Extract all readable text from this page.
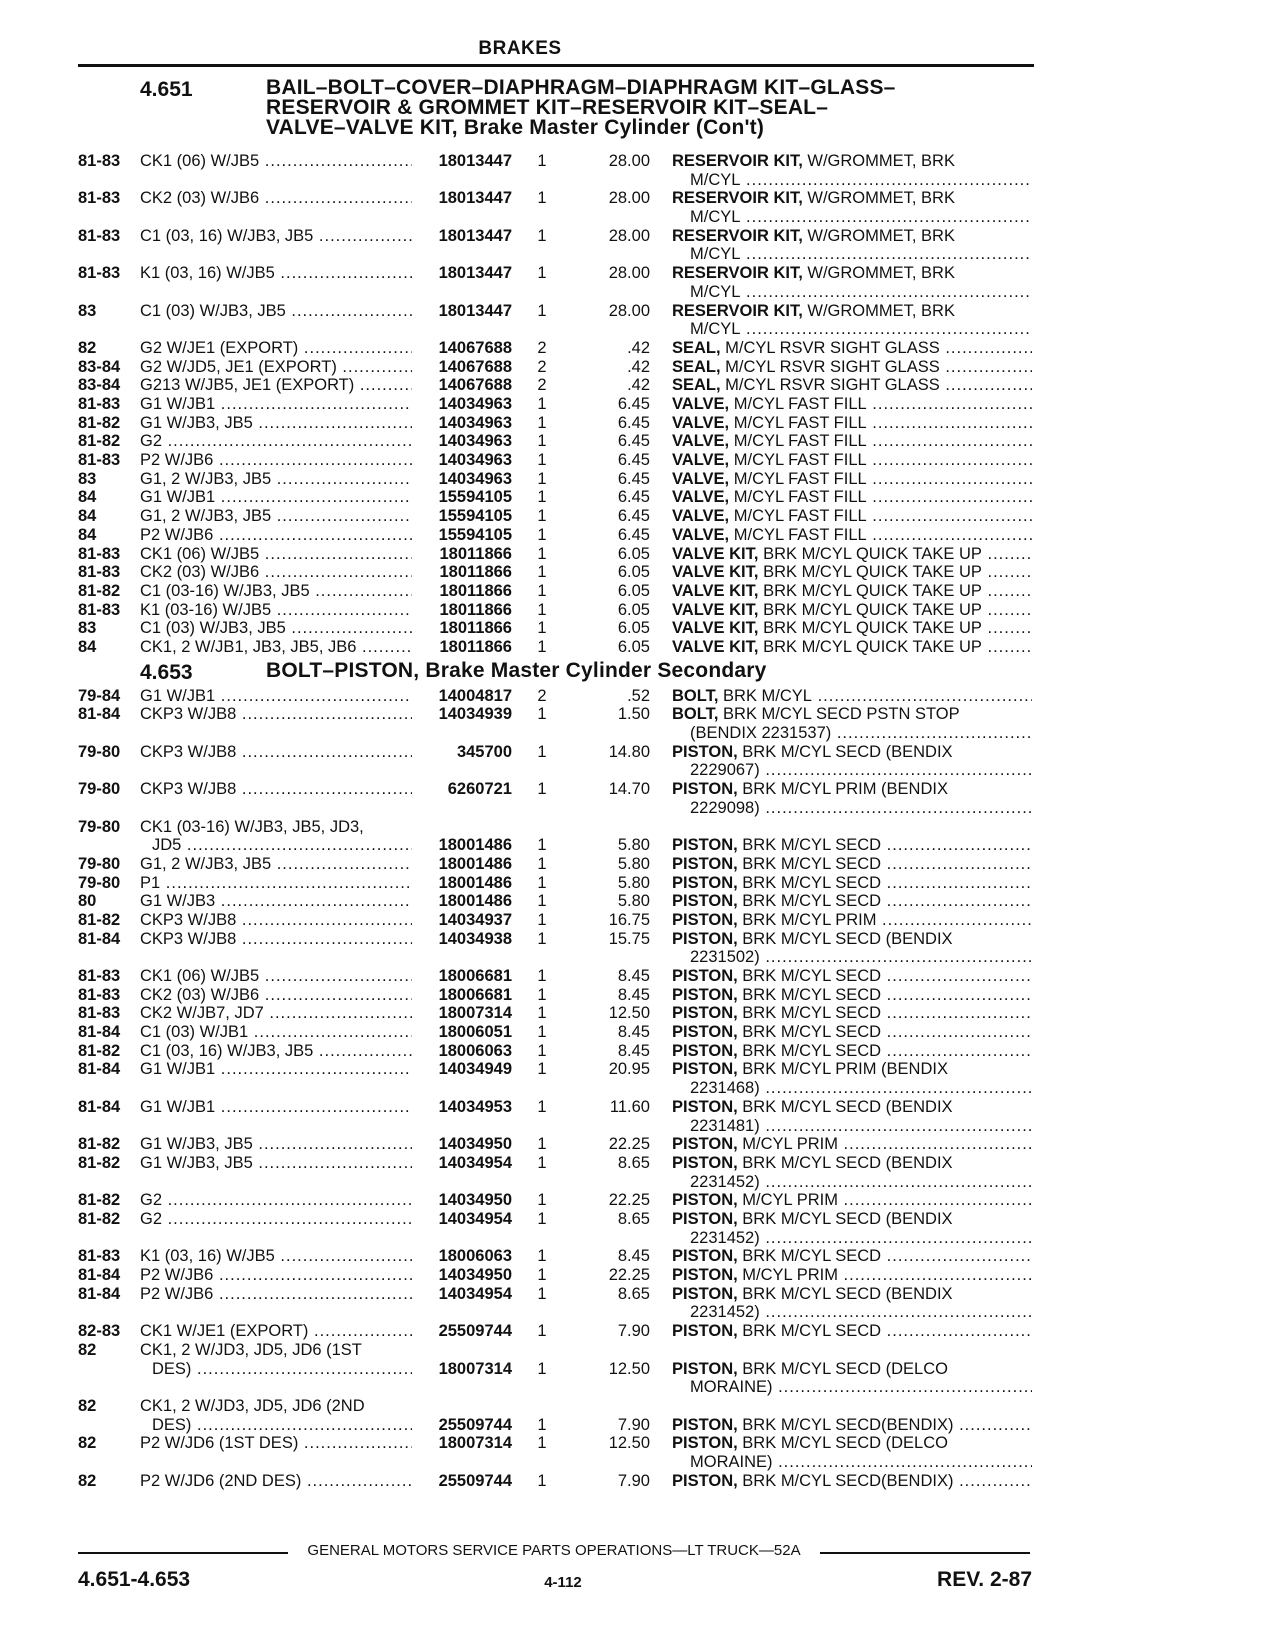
BRAKES
4.651	BAIL–BOLT–COVER–DIAPHRAGM–DIAPHRAGM KIT–GLASS–
RESERVOIR & GROMMET KIT–RESERVOIR KIT–SEAL–
VALVE–VALVE KIT, Brake Master Cylinder (Con't)
81-83 CK1 (06) W/JB5 .....	18013447 1	28.00 RESERVOIR KIT, W/GROMMET, BRK
M/CYL .....
81-83 CK2 (03) W/JB6 .....	18013447 1	28.00 RESERVOIR KIT, W/GROMMET, BRK
M/CYL .....
81-83 C1 (03, 16) W/JB3, JB5 .....	18013447 1	28.00 RESERVOIR KIT, W/GROMMET, BRK
M/CYL .....
81-83 K1 (03, 16) W/JB5 .....	18013447 1	28.00 RESERVOIR KIT, W/GROMMET, BRK
M/CYL .....
83	C1 (03) W/JB3, JB5 .....	18013447 1	28.00 RESERVOIR KIT, W/GROMMET, BRK
M/CYL .....
82	G2 W/JE1 (EXPORT) .....	14067688 2	.42 SEAL, M/CYL RSVR SIGHT GLASS .....
83-84 G2 W/JD5, JE1 (EXPORT) .....	14067688 2	.42 SEAL, M/CYL RSVR SIGHT GLASS .....
83-84 G213 W/JB5, JE1 (EXPORT) .....	14067688 2	.42 SEAL, M/CYL RSVR SIGHT GLASS .....
81-83 G1 W/JB1 .....	14034963 1	6.45 VALVE, M/CYL FAST FILL .....
81-82 G1 W/JB3, JB5 .....	14034963 1	6.45 VALVE, M/CYL FAST FILL .....
81-82 G2 .....	14034963 1	6.45 VALVE, M/CYL FAST FILL .....
81-83 P2 W/JB6 .....	14034963 1	6.45 VALVE, M/CYL FAST FILL .....
83	G1, 2 W/JB3, JB5 .....	14034963 1	6.45 VALVE, M/CYL FAST FILL .....
84	G1 W/JB1 .....	15594105 1	6.45 VALVE, M/CYL FAST FILL .....
84	G1, 2 W/JB3, JB5 .....	15594105 1	6.45 VALVE, M/CYL FAST FILL .....
84	P2 W/JB6 .....	15594105 1	6.45 VALVE, M/CYL FAST FILL .....
81-83 CK1 (06) W/JB5 .....	18011866 1	6.05 VALVE KIT, BRK M/CYL QUICK TAKE UP .....
81-83 CK2 (03) W/JB6 .....	18011866 1	6.05 VALVE KIT, BRK M/CYL QUICK TAKE UP .....
81-82 C1 (03-16) W/JB3, JB5 .....	18011866 1	6.05 VALVE KIT, BRK M/CYL QUICK TAKE UP .....
81-83 K1 (03-16) W/JB5 .....	18011866 1	6.05 VALVE KIT, BRK M/CYL QUICK TAKE UP .....
83	C1 (03) W/JB3, JB5 .....	18011866 1	6.05 VALVE KIT, BRK M/CYL QUICK TAKE UP .....
84	CK1, 2 W/JB1, JB3, JB5, JB6 .....	18011866 1	6.05 VALVE KIT, BRK M/CYL QUICK TAKE UP .....
4.653	BOLT–PISTON, Brake Master Cylinder Secondary
79-84 G1 W/JB1 .....	14004817 2	.52 BOLT, BRK M/CYL .....
81-84 CKP3 W/JB8 .....	14034939 1	1.50 BOLT, BRK M/CYL SECD PSTN STOP
(BENDIX 2231537) .....
79-80 CKP3 W/JB8 .....	345700 1	14.80 PISTON, BRK M/CYL SECD (BENDIX
2229067) .....
79-80 CKP3 W/JB8 .....	6260721 1	14.70 PISTON, BRK M/CYL PRIM (BENDIX
2229098) .....
79-80 CK1 (03-16) W/JB3, JB5, JD3,
JD5 .....	18001486 1	5.80 PISTON, BRK M/CYL SECD .....
79-80 G1, 2 W/JB3, JB5 .....	18001486 1	5.80 PISTON, BRK M/CYL SECD .....
79-80 P1 .....	18001486 1	5.80 PISTON, BRK M/CYL SECD .....
80	G1 W/JB3 .....	18001486 1	5.80 PISTON, BRK M/CYL SECD .....
81-82 CKP3 W/JB8 .....	14034937 1	16.75 PISTON, BRK M/CYL PRIM .....
81-84 CKP3 W/JB8 .....	14034938 1	15.75 PISTON, BRK M/CYL SECD (BENDIX
2231502) .....
81-83 CK1 (06) W/JB5 .....	18006681 1	8.45 PISTON, BRK M/CYL SECD .....
81-83 CK2 (03) W/JB6 .....	18006681 1	8.45 PISTON, BRK M/CYL SECD .....
81-83 CK2 W/JB7, JD7 .....	18007314 1	12.50 PISTON, BRK M/CYL SECD .....
81-84 C1 (03) W/JB1 .....	18006051 1	8.45 PISTON, BRK M/CYL SECD .....
81-82 C1 (03, 16) W/JB3, JB5 .....	18006063 1	8.45 PISTON, BRK M/CYL SECD .....
81-84 G1 W/JB1 .....	14034949 1	20.95 PISTON, BRK M/CYL PRIM (BENDIX
2231468) .....
81-84 G1 W/JB1 .....	14034953 1	11.60 PISTON, BRK M/CYL SECD (BENDIX
2231481) .....
81-82 G1 W/JB3, JB5 .....	14034950 1	22.25 PISTON, M/CYL PRIM .....
81-82 G1 W/JB3, JB5 .....	14034954 1	8.65 PISTON, BRK M/CYL SECD (BENDIX
2231452) .....
81-82 G2 .....	14034950 1	22.25 PISTON, M/CYL PRIM .....
81-82 G2 .....	14034954 1	8.65 PISTON, BRK M/CYL SECD (BENDIX
2231452) .....
81-83 K1 (03, 16) W/JB5 .....	18006063 1	8.45 PISTON, BRK M/CYL SECD .....
81-84 P2 W/JB6 .....	14034950 1	22.25 PISTON, M/CYL PRIM .....
81-84 P2 W/JB6 .....	14034954 1	8.65 PISTON, BRK M/CYL SECD (BENDIX
2231452) .....
82-83 CK1 W/JE1 (EXPORT) .....	25509744 1	7.90 PISTON, BRK M/CYL SECD .....
82	CK1, 2 W/JD3, JD5, JD6 (1ST
DES) .....	18007314 1	12.50 PISTON, BRK M/CYL SECD (DELCO
MORAINE) .....
82	CK1, 2 W/JD3, JD5, JD6 (2ND
DES) .....	25509744 1	7.90 PISTON, BRK M/CYL SECD(BENDIX) .....
82	P2 W/JD6 (1ST DES) .....	18007314 1	12.50 PISTON, BRK M/CYL SECD (DELCO
MORAINE) .....
82	P2 W/JD6 (2ND DES) .....	25509744 1	7.90 PISTON, BRK M/CYL SECD(BENDIX) .....
GENERAL MOTORS SERVICE PARTS OPERATIONS—LT TRUCK—52A
4.651-4.653	4-112	REV. 2-87
